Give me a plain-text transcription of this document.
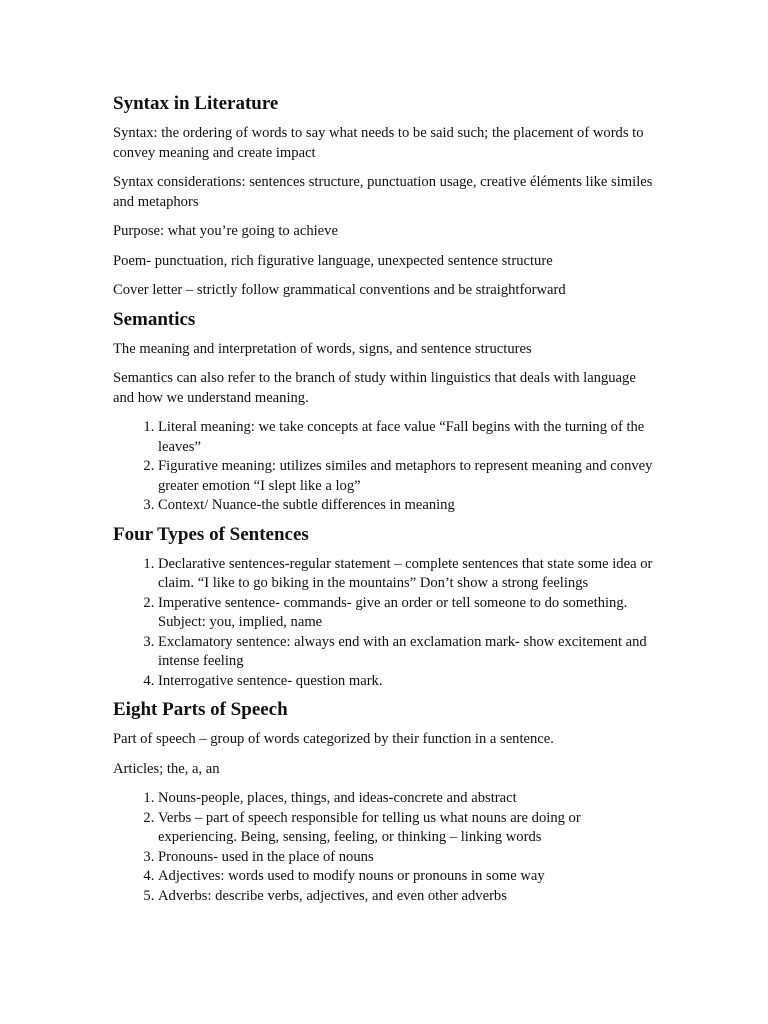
Syntax in Literature

Syntax: the ordering of words to say what needs to be said such; the placement of words to convey meaning and create impact

Syntax considerations: sentences structure, punctuation usage, creative éléments like similes and metaphors

Purpose: what you’re going to achieve

Poem- punctuation, rich figurative language, unexpected sentence structure

Cover letter – strictly follow grammatical conventions and be straightforward

Semantics

The meaning and interpretation of words, signs, and sentence structures

Semantics can also refer to the branch of study within linguistics that deals with language and how we understand meaning.

1. Literal meaning: we take concepts at face value “Fall begins with the turning of the leaves”
2. Figurative meaning: utilizes similes and metaphors to represent meaning and convey greater emotion “I slept like a log”
3. Context/ Nuance-the subtle differences in meaning
Four Types of Sentences
1. Declarative sentences-regular statement – complete sentences that state some idea or claim. “I like to go biking in the mountains” Don’t show a strong feelings
2. Imperative sentence- commands- give an order or tell someone to do something. Subject: you, implied, name
3. Exclamatory sentence: always end with an exclamation mark- show excitement and intense feeling
4. Interrogative sentence- question mark.
Eight Parts of Speech

Part of speech – group of words categorized by their function in a sentence.

Articles; the, a, an

1. Nouns-people, places, things, and ideas-concrete and abstract
2. Verbs – part of speech responsible for telling us what nouns are doing or experiencing. Being, sensing, feeling, or thinking – linking words
3. Pronouns- used in the place of nouns
4. Adjectives: words used to modify nouns or pronouns in some way
5. Adverbs: describe verbs, adjectives, and even other adverbs
